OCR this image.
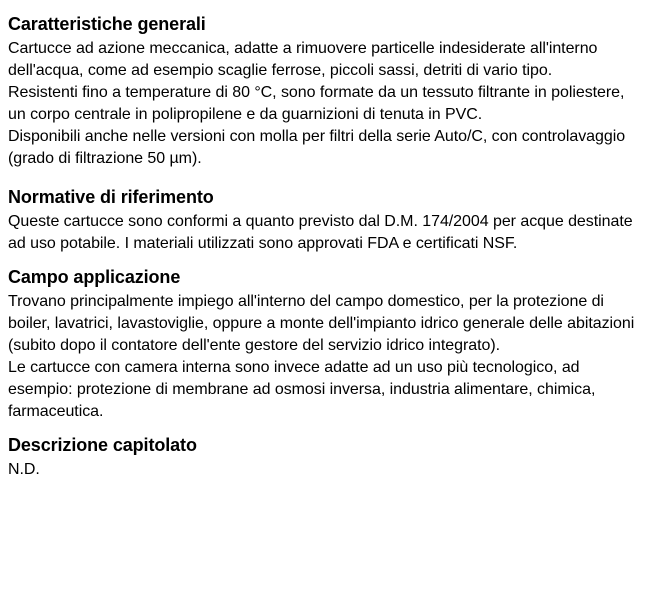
Caratteristiche generali

Cartucce ad azione meccanica, adatte a rimuovere particelle indesiderate all'interno dell'acqua, come ad esempio scaglie ferrose, piccoli sassi, detriti di vario tipo.

Resistenti fino a temperature di 80 °C, sono formate da un tessuto filtrante in poliestere, un corpo centrale in polipropilene e da guarnizioni di tenuta in PVC.

Disponibili anche nelle versioni con molla per filtri della serie Auto/C, con controlavaggio (grado di filtrazione 50 µm).

Normative di riferimento

Queste cartucce sono conformi a quanto previsto dal D.M. 174/2004 per acque destinate ad uso potabile. I materiali utilizzati sono approvati FDA e certificati NSF.

Campo applicazione

Trovano principalmente impiego all'interno del campo domestico, per la protezione di boiler, lavatrici, lavastoviglie, oppure a monte dell'impianto idrico generale delle abitazioni (subito dopo il contatore dell'ente gestore del servizio idrico integrato).

Le cartucce con camera interna sono invece adatte ad un uso più tecnologico, ad esempio: protezione di membrane ad osmosi inversa, industria alimentare, chimica, farmaceutica.

Descrizione capitolato

N.D.
